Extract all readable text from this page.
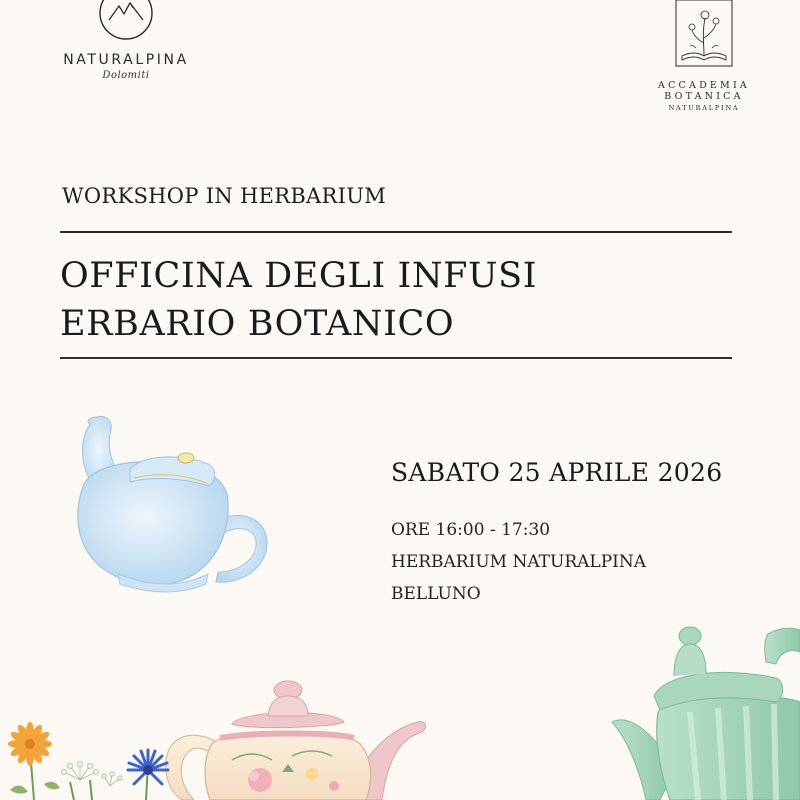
NATURALPINA
Dolomiti
ACCADEMIA
BOTANICA
NATURALPINA
WORKSHOP IN HERBARIUM
OFFICINA DEGLI INFUSI
ERBARIO BOTANICO
SABATO 25 APRILE 2026
ORE 16:00 - 17:30
HERBARIUM NATURALPINA
BELLUNO
